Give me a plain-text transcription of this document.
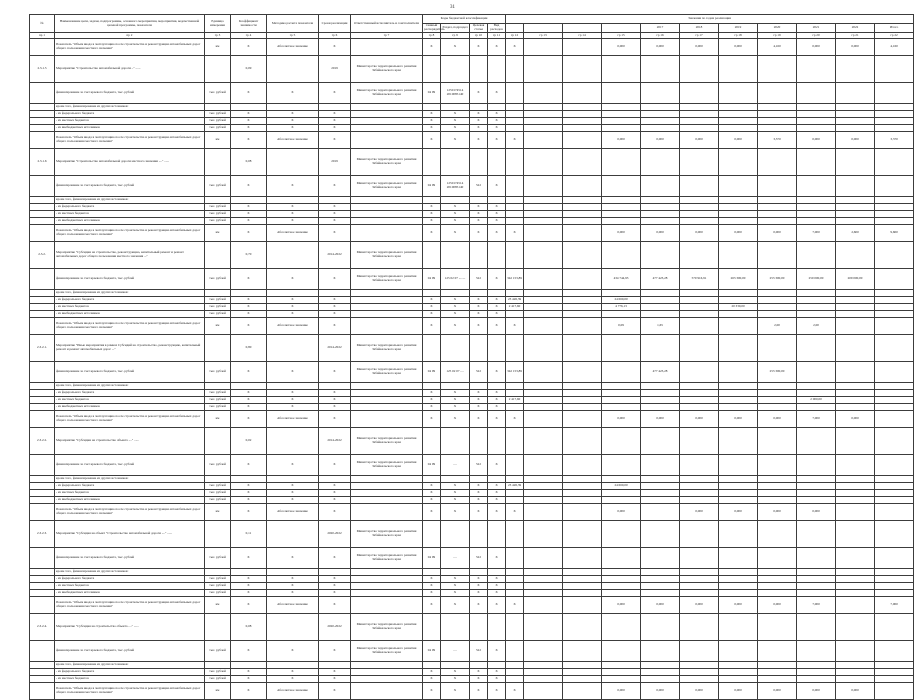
31
№	Наименование цели, задачи, подпрограммы, основного мероприятия, мероприятия, ведомственной целевой программы, показателя	Единица измерения	Коэффициент значимости	Методика расчета показателя	Сроки реализации	Ответственный исполнитель и соисполнители	Коды бюджетной классификации				Значения по годам реализации										
							главный распорядитель	Раздел, подраздел	Целевая статья	Вид расходов					2017	2018	2019	2020	2021	2022	Итого
пр 1	пр 2	гр 3	гр 4	гр 5	гр 6	гр 7	гр 8	гр 9	гр 10	гр 11	гр 12	гр 13	гр 14	гр 15	гр 16	гр 17	гр 18	гр 19	гр 20	гр 21	гр 22
	Показатель "Объем ввода в эксплуатацию после строительства и реконструкции автомобильных дорог общего пользования местного значения"	км	Х	Абсолютное значение	Х		Х	Х	Х	Х	Х			0,000	0,000	0,000	0,000	4,160	0,000	0,000	4,160
2.3.1.5	Мероприятие "Строительство автомобильной дороги .." ......		0,09		2019	Министерство территориального развития Забайкальского края															
	финансирование за счет краевого бюджета, тыс. рублей	тыс. рублей	Х	Х	Х	Министерство территориального развития Забайкальского края	04 09	1250174514 2010085140	Х	Х											
	кроме того, финансирование из других источников:																				
	- из федерального бюджета	тыс. рублей	Х	Х	Х		Х	Х	Х	Х											
	- из местных бюджетов	тыс. рублей	Х	Х	Х		Х	Х	Х	Х											
	- из внебюджетных источников	тыс. рублей	Х	Х	Х		Х	Х	Х	Х											
	Показатель "Объем ввода в эксплуатацию после строительства и реконструкции автомобильных дорог общего пользования местного значения"	км	Х	Абсолютное значение	Х		Х	Х	Х	Х	Х			0,000	0,000	0,000	0,000	3,370	0,000	0,000	3,370
2.3.1.6	Мероприятие "Строительство автомобильной дороги местного значения ...." ......		0,08		2019	Министерство территориального развития Забайкальского края															
	финансирование за счет краевого бюджета, тыс. рублей	тыс. рублей	Х	Х	Х	Министерство территориального развития Забайкальского края	04 09	1250174514 2010085140	522	Х											
	кроме того, финансирование из других источников:																				
	- из федерального бюджета	тыс. рублей	Х	Х	Х		Х	Х	Х	Х											
	- из местных бюджетов	тыс. рублей	Х	Х	Х		Х	Х	Х	Х											
	- из внебюджетных источников	тыс. рублей	Х	Х	Х		Х	Х	Х	Х											
	Показатель "Объем ввода в эксплуатацию после строительства и реконструкции автомобильных дорог общего пользования местного значения"	км	Х	Абсолютное значение	Х		Х	Х	Х	Х	Х			0,000	0,000	0,000	0,000	0,000	7,000	2,600	9,600
2.3.2.	Мероприятие "Субсидии на строительство, реконструкцию, капитальный ремонт и ремонт автомобильных дорог общего пользования местного значения ..."		0,70		2014-2022	Министерство территориального развития Забайкальского края															
	финансирование за счет краевого бюджета, тыс. рублей	тыс. рублей	Х	Х	Х	Министерство территориального развития Забайкальского края	04 09	125 02 07 ........	522	Х	342 153,89			434 744,93	477 423,28	570 916,91	263 300,00	253 300,00	250 000,00	209 000,00	
	кроме того, финансирование из других источников:																				
	- из федерального бюджета	тыс. рублей	Х	Х	Х		Х	Х	Х	Х	23 426,39			24 660,00							
	- из местных бюджетов	тыс. рублей	Х	Х	Х		Х	Х	Х	Х	2 417,60			4 776,13			20 330,00				
	- из внебюджетных источников	тыс. рублей	Х	Х	Х		Х	Х	Х	Х											
	Показатель "Объем ввода в эксплуатацию после строительства и реконструкции автомобильных дорог общего пользования местного значения"	км	Х	Абсолютное значение	Х		Х	Х	Х	Х	Х			0,09	1,65			2,00	2,00		
2.3.2.1.	Мероприятие "Иные мероприятия в рамках Субсидий на строительство, реконструкцию, капитальный ремонт и ремонт автомобильных дорог ..."		0,80		2014-2022	Министерство территориального развития Забайкальского края															
	финансирование за счет краевого бюджета, тыс. рублей	тыс. рублей	Х	Х	Х	Министерство территориального развития Забайкальского края	04 09	125 02 07 ....	522	Х	342 153,89				477 423,28			253 300,00			
	кроме того, финансирование из других источников:																				
	- из федерального бюджета	тыс. рублей	Х	Х	Х		Х	Х	Х	Х											
	- из местных бюджетов	тыс. рублей	Х	Х	Х		Х	Х	Х	Х	2 417,60								2 000,00		
	- из внебюджетных источников	тыс. рублей	Х	Х	Х		Х	Х	Х	Х											
	Показатель "Объем ввода в эксплуатацию после строительства и реконструкции автомобильных дорог общего пользования местного значения"	км	Х	Абсолютное значение	Х		Х	Х	Х	Х	Х			0,000	0,000	0,000	0,000	0,000	7,000	0,000	
2.3.2.2.	Мероприятие "Субсидии на строительство объекта ...." ......		0,02		2014-2022	Министерство территориального развития Забайкальского края															
	финансирование за счет краевого бюджета, тыс. рублей	тыс. рублей	Х	Х	Х	Министерство территориального развития Забайкальского края	04 09	....	522	Х											
	кроме того, финансирование из других источников:																				
	- из федерального бюджета	тыс. рублей	Х	Х	Х		Х	Х	Х	Х	23 426,39			24 660,00							
	- из местных бюджетов	тыс. рублей	Х	Х	Х		Х	Х	Х	Х											
	- из внебюджетных источников	тыс. рублей	Х	Х	Х		Х	Х	Х	Х											
	Показатель "Объем ввода в эксплуатацию после строительства и реконструкции автомобильных дорог общего пользования местного значения"	км	Х	Абсолютное значение	Х		Х	Х	Х	Х	Х			0,000		0,000	0,000	0,000	0,000		
2.3.2.3.	Мероприятие "Субсидия на объект "Строительство автомобильной дороги ...." ......		0,11		2020-2022	Министерство территориального развития Забайкальского края															
	финансирование за счет краевого бюджета, тыс. рублей	тыс. рублей	Х	Х	Х	Министерство территориального развития Забайкальского края	04 09	....	522	Х											
	кроме того, финансирование из других источников:																				
	- из федерального бюджета	тыс. рублей	Х	Х	Х		Х	Х	Х	Х											
	- из местных бюджетов	тыс. рублей	Х	Х	Х		Х	Х	Х	Х											
	- из внебюджетных источников	тыс. рублей	Х	Х	Х		Х	Х	Х	Х											
	Показатель "Объем ввода в эксплуатацию после строительства и реконструкции автомобильных дорог общего пользования местного значения"	км	Х	Абсолютное значение	Х		Х	Х	Х	Х	Х			0,000	0,000	0,000	0,000	0,000	7,000		7,000
2.3.2.4.	Мероприятие "Субсидия на строительство объекта ...." ......		0,08		2020-2022	Министерство территориального развития Забайкальского края															
	финансирование за счет краевого бюджета, тыс. рублей	тыс. рублей	Х	Х	Х	Министерство территориального развития Забайкальского края	04 09	....	522	Х											
	кроме того, финансирование из других источников:																				
	- из федерального бюджета	тыс. рублей	Х	Х	Х		Х	Х	Х	Х											
	- из местных бюджетов	тыс. рублей	Х	Х	Х		Х	Х	Х	Х											
	Показатель "Объем ввода в эксплуатацию после строительства и реконструкции автомобильных дорог общего пользования местного значения"	км	Х	Абсолютное значение	Х		Х	Х	Х	Х	Х			0,000	0,000	0,000	0,000	0,000	0,000	0,000	
